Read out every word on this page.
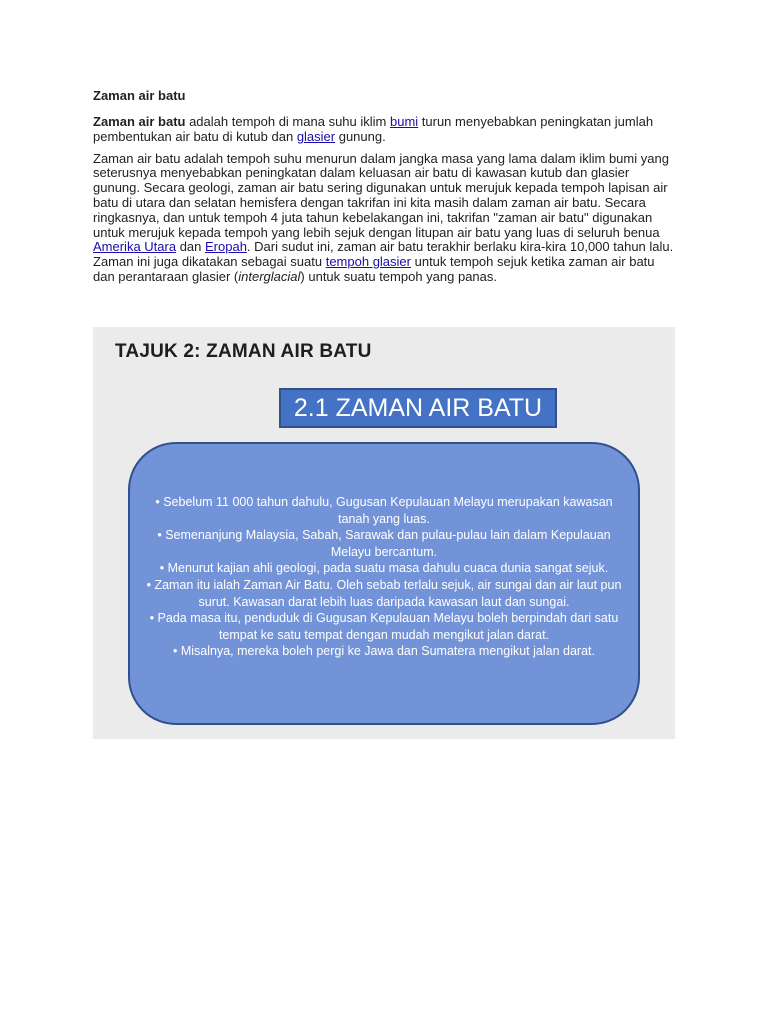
Zaman air batu

Zaman air batu adalah tempoh di mana suhu iklim bumi turun menyebabkan peningkatan jumlah pembentukan air batu di kutub dan glasier gunung.

Zaman air batu adalah tempoh suhu menurun dalam jangka masa yang lama dalam iklim bumi yang seterusnya menyebabkan peningkatan dalam keluasan air batu di kawasan kutub dan glasier gunung. Secara geologi, zaman air batu sering digunakan untuk merujuk kepada tempoh lapisan air batu di utara dan selatan hemisfera dengan takrifan ini kita masih dalam zaman air batu. Secara ringkasnya, dan untuk tempoh 4 juta tahun kebelakangan ini, takrifan "zaman air batu" digunakan untuk merujuk kepada tempoh yang lebih sejuk dengan litupan air batu yang luas di seluruh benua Amerika Utara dan Eropah. Dari sudut ini, zaman air batu terakhir berlaku kira-kira 10,000 tahun lalu. Zaman ini juga dikatakan sebagai suatu tempoh glasier untuk tempoh sejuk ketika zaman air batu dan perantaraan glasier (interglacial) untuk suatu tempoh yang panas.

TAJUK 2: ZAMAN AIR BATU
2.1 ZAMAN AIR BATU
• Sebelum 11 000 tahun dahulu, Gugusan Kepulauan Melayu merupakan kawasan tanah yang luas.
• Semenanjung Malaysia, Sabah, Sarawak dan pulau-pulau lain dalam Kepulauan Melayu bercantum.
• Menurut kajian ahli geologi, pada suatu masa dahulu cuaca dunia sangat sejuk.
• Zaman itu ialah Zaman Air Batu. Oleh sebab terlalu sejuk, air sungai dan air laut pun surut. Kawasan darat lebih luas daripada kawasan laut dan sungai.
• Pada masa itu, penduduk di Gugusan Kepulauan Melayu boleh berpindah dari satu tempat ke satu tempat dengan mudah mengikut jalan darat.
• Misalnya, mereka boleh pergi ke Jawa dan Sumatera mengikut jalan darat.
